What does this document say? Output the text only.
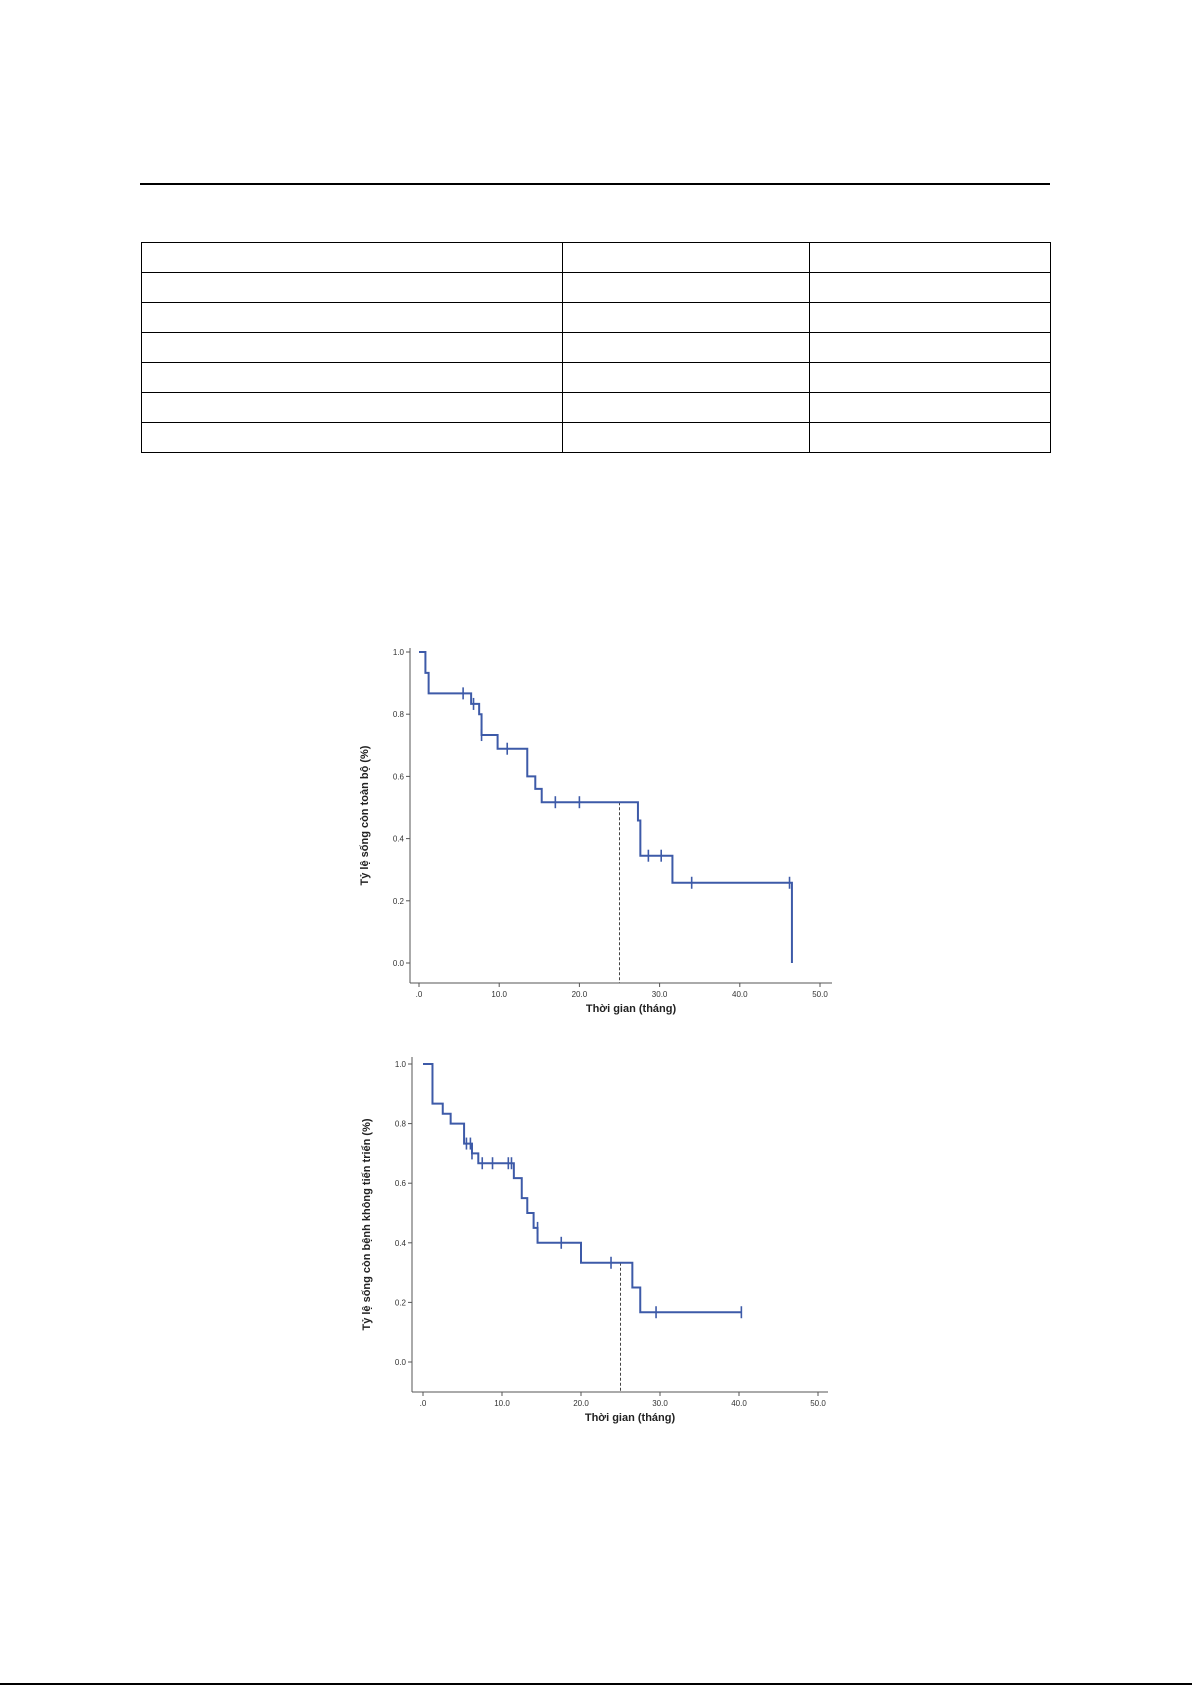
0.0
0.2
0.4
0.6
0.8
1.0
.0	10.0	20.0	30.0	40.0	50.0
Thời gian (tháng)
Tỷ lệ sống còn toàn bộ (%)
0.0
0.2
0.4
0.6
0.8
1.0
.0	10.0	20.0	30.0	40.0	50.0
Thời gian (tháng)
Tỷ lệ sống còn bệnh không tiến triển (%)
